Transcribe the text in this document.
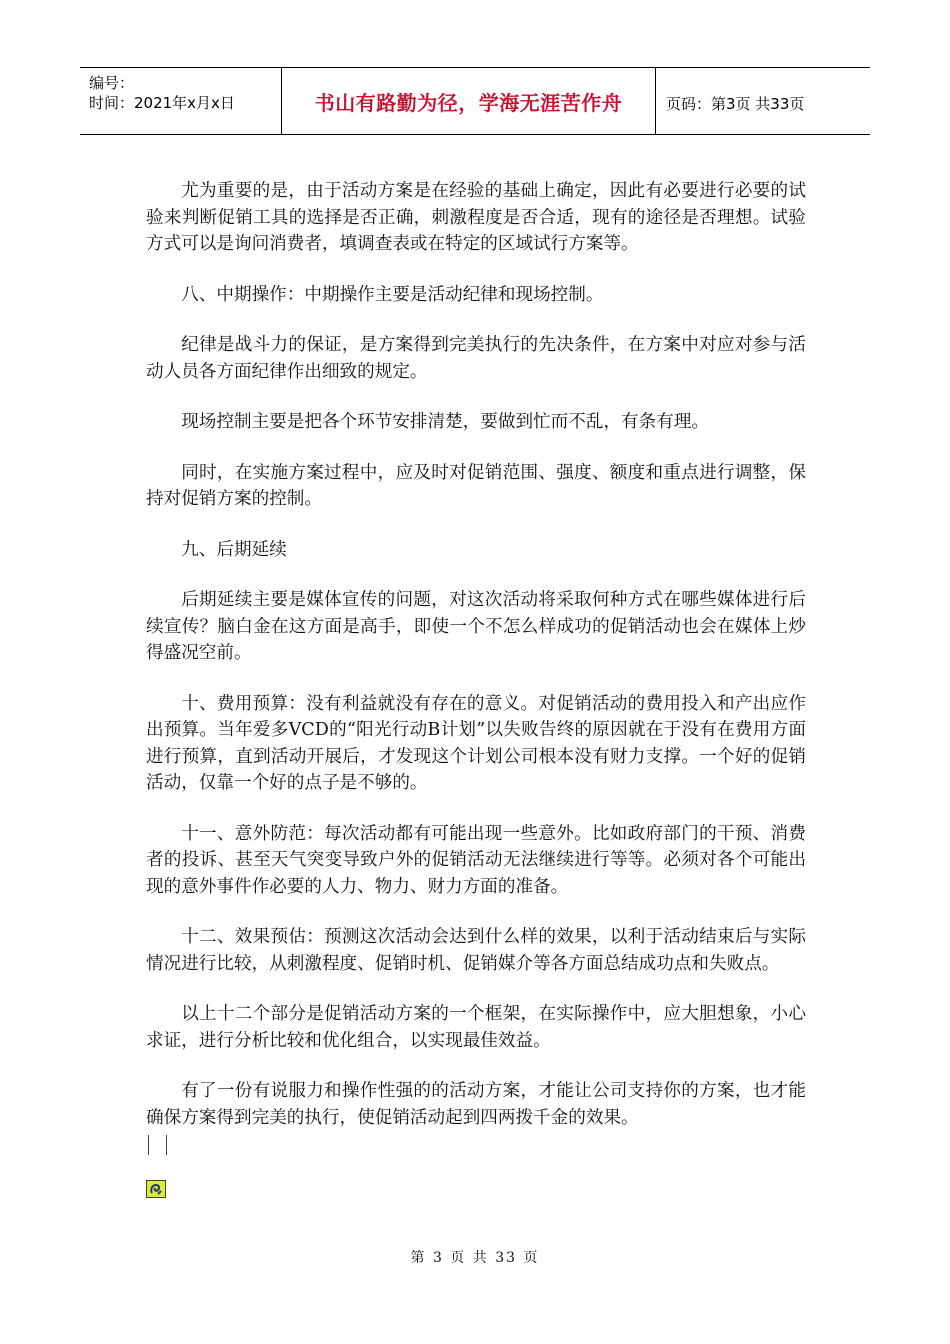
编号：
时间：2021年x月x日	书山有路勤为径，学海无涯苦作舟	页码：第3页 共33页

尤为重要的是，由于活动方案是在经验的基础上确定，因此有必要进行必要的试验来判断促销工具的选择是否正确，刺激程度是否合适，现有的途径是否理想。试验方式可以是询问消费者，填调查表或在特定的区域试行方案等。

八、中期操作：中期操作主要是活动纪律和现场控制。

纪律是战斗力的保证，是方案得到完美执行的先决条件，在方案中对应对参与活动人员各方面纪律作出细致的规定。

现场控制主要是把各个环节安排清楚，要做到忙而不乱，有条有理。

同时，在实施方案过程中，应及时对促销范围、强度、额度和重点进行调整，保持对促销方案的控制。

九、后期延续

后期延续主要是媒体宣传的问题，对这次活动将采取何种方式在哪些媒体进行后续宣传？脑白金在这方面是高手，即使一个不怎么样成功的促销活动也会在媒体上炒得盛况空前。

十、费用预算：没有利益就没有存在的意义。对促销活动的费用投入和产出应作出预算。当年爱多VCD的“阳光行动B计划”以失败告终的原因就在于没有在费用方面进行预算，直到活动开展后，才发现这个计划公司根本没有财力支撑。一个好的促销活动，仅靠一个好的点子是不够的。

十一、意外防范：每次活动都有可能出现一些意外。比如政府部门的干预、消费者的投诉、甚至天气突变导致户外的促销活动无法继续进行等等。必须对各个可能出现的意外事件作必要的人力、物力、财力方面的准备。

十二、效果预估：预测这次活动会达到什么样的效果，以利于活动结束后与实际情况进行比较，从刺激程度、促销时机、促销媒介等各方面总结成功点和失败点。

以上十二个部分是促销活动方案的一个框架，在实际操作中，应大胆想象，小心求证，进行分析比较和优化组合，以实现最佳效益。

有了一份有说服力和操作性强的的活动方案，才能让公司支持你的方案，也才能确保方案得到完美的执行，使促销活动起到四两拨千金的效果。

第 3 页 共 33 页
